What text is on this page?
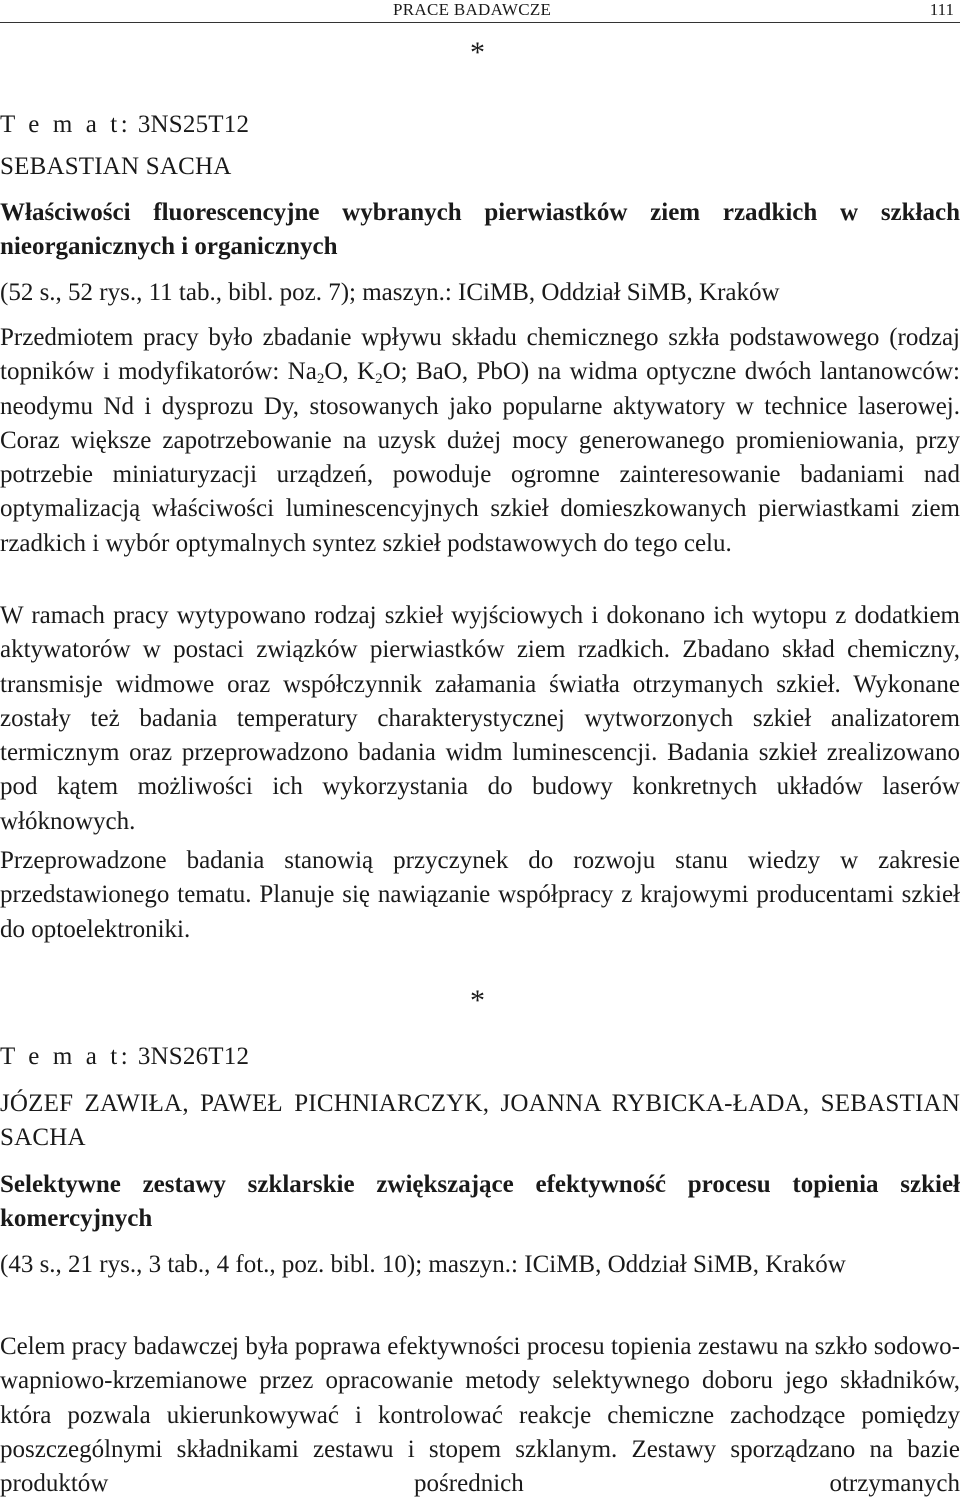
PRACE BADAWCZE	111
*
T e m a t: 3NS25T12
SEBASTIAN SACHA
Właściwości fluorescencyjne wybranych pierwiastków ziem rzadkich w szkłach nieorganicznych i organicznych
(52 s., 52 rys., 11 tab., bibl. poz. 7); maszyn.: ICiMB, Oddział SiMB, Kraków

Przedmiotem pracy było zbadanie wpływu składu chemicznego szkła podstawowego (rodzaj topników i modyfikatorów: $Na_2O$, $K_2O$; BaO, PbO) na widma optyczne dwóch lantanowców: neodymu Nd i dysprozu Dy, stosowanych jako popularne aktywatory w technice laserowej. Coraz większe zapotrzebowanie na uzysk dużej mocy generowanego promieniowania, przy potrzebie miniaturyzacji urządzeń, powoduje ogromne zainteresowanie badaniami nad optymalizacją właściwości luminescencyjnych szkieł domieszkowanych pierwiastkami ziem rzadkich i wybór optymalnych syntez szkieł podstawowych do tego celu.

W ramach pracy wytypowano rodzaj szkieł wyjściowych i dokonano ich wytopu z dodatkiem aktywatorów w postaci związków pierwiastków ziem rzadkich. Zbadano skład chemiczny, transmisje widmowe oraz współczynnik załamania światła otrzymanych szkieł. Wykonane zostały też badania temperatury charakterystycznej wytworzonych szkieł analizatorem termicznym oraz przeprowadzono badania widm luminescencji. Badania szkieł zrealizowano pod kątem możliwości ich wykorzystania do budowy konkretnych układów laserów włóknowych.

Przeprowadzone badania stanowią przyczynek do rozwoju stanu wiedzy w zakresie przedstawionego tematu. Planuje się nawiązanie współpracy z krajowymi producentami szkieł do optoelektroniki.

*
T e m a t: 3NS26T12
JÓZEF ZAWIŁA, PAWEŁ PICHNIARCZYK, JOANNA RYBICKA-ŁADA, SEBASTIAN SACHA
Selektywne zestawy szklarskie zwiększające efektywność procesu topienia szkieł komercyjnych
(43 s., 21 rys., 3 tab., 4 fot., poz. bibl. 10); maszyn.: ICiMB, Oddział SiMB, Kraków

Celem pracy badawczej była poprawa efektywności procesu topienia zestawu na szkło sodowo-wapniowo-krzemianowe przez opracowanie metody selektywnego doboru jego składników, która pozwala ukierunkowywać i kontrolować reakcje chemiczne zachodzące pomiędzy poszczególnymi składnikami zestawu i stopem szklanym. Zestawy sporządzano na bazie produktów pośrednich otrzymanych
